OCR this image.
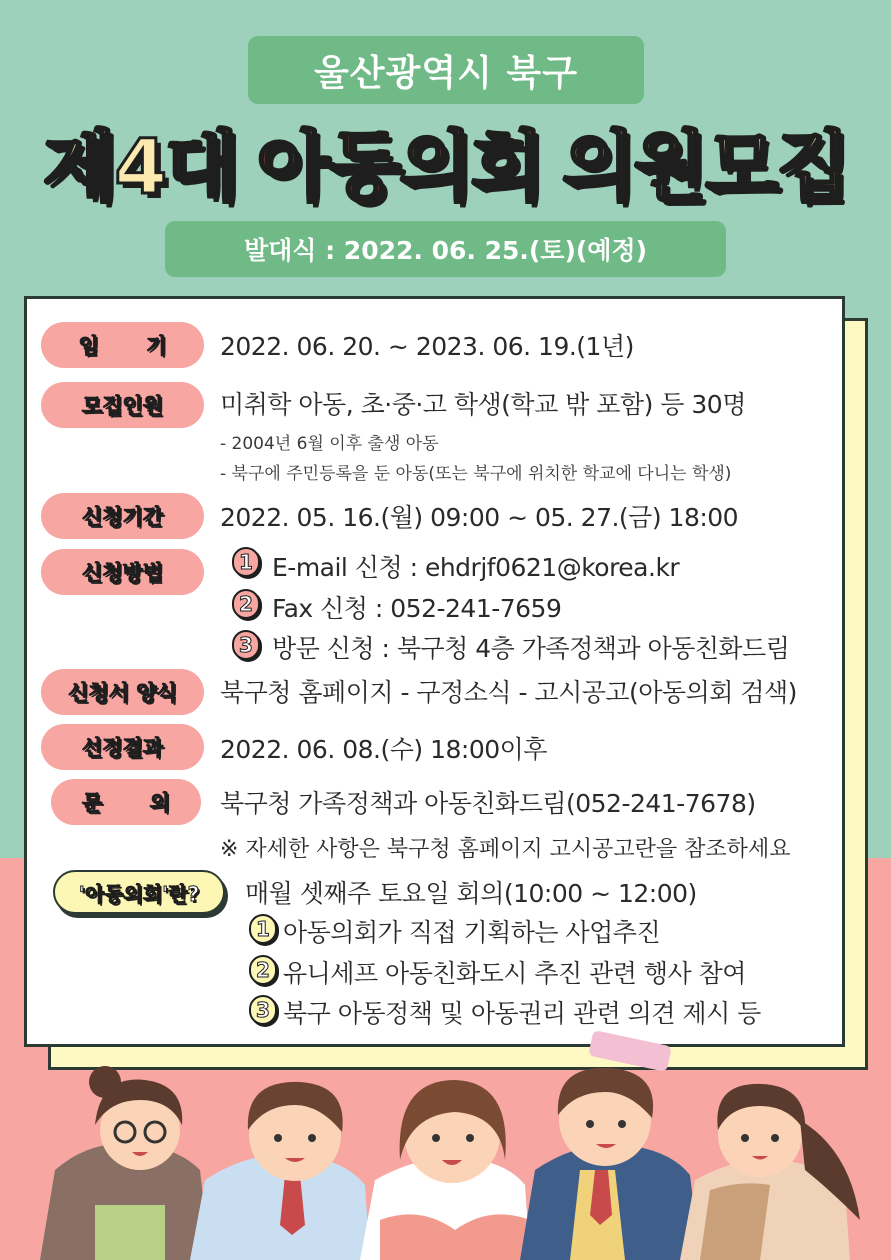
울산광역시 북구
제4대 아동의회 의원모집
발대식 : 2022. 06. 25.(토)(예정)
임 기	2022. 06. 20. ~ 2023. 06. 19.(1년)
모집인원	미취학 아동, 초·중·고 학생(학교 밖 포함) 등 30명
- 2004년 6월 이후 출생 아동
- 북구에 주민등록을 둔 아동(또는 북구에 위치한 학교에 다니는 학생)
신청기간	2022. 05. 16.(월) 09:00 ~ 05. 27.(금) 18:00
신청방법	1 E-mail 신청 : ehdrjf0621@korea.kr
2 Fax 신청 : 052-241-7659
3 방문 신청 : 북구청 4층 가족정책과 아동친화드림
신청서 양식	북구청 홈페이지 - 구정소식 - 고시공고(아동의회 검색)
선정결과	2022. 06. 08.(수) 18:00이후
문 의	북구청 가족정책과 아동친화드림(052-241-7678)
※ 자세한 사항은 북구청 홈페이지 고시공고란을 참조하세요
'아동의회'란?	매월 셋째주 토요일 회의(10:00 ~ 12:00)
1 아동의회가 직접 기획하는 사업추진
2 유니세프 아동친화도시 추진 관련 행사 참여
3 북구 아동정책 및 아동권리 관련 의견 제시 등
